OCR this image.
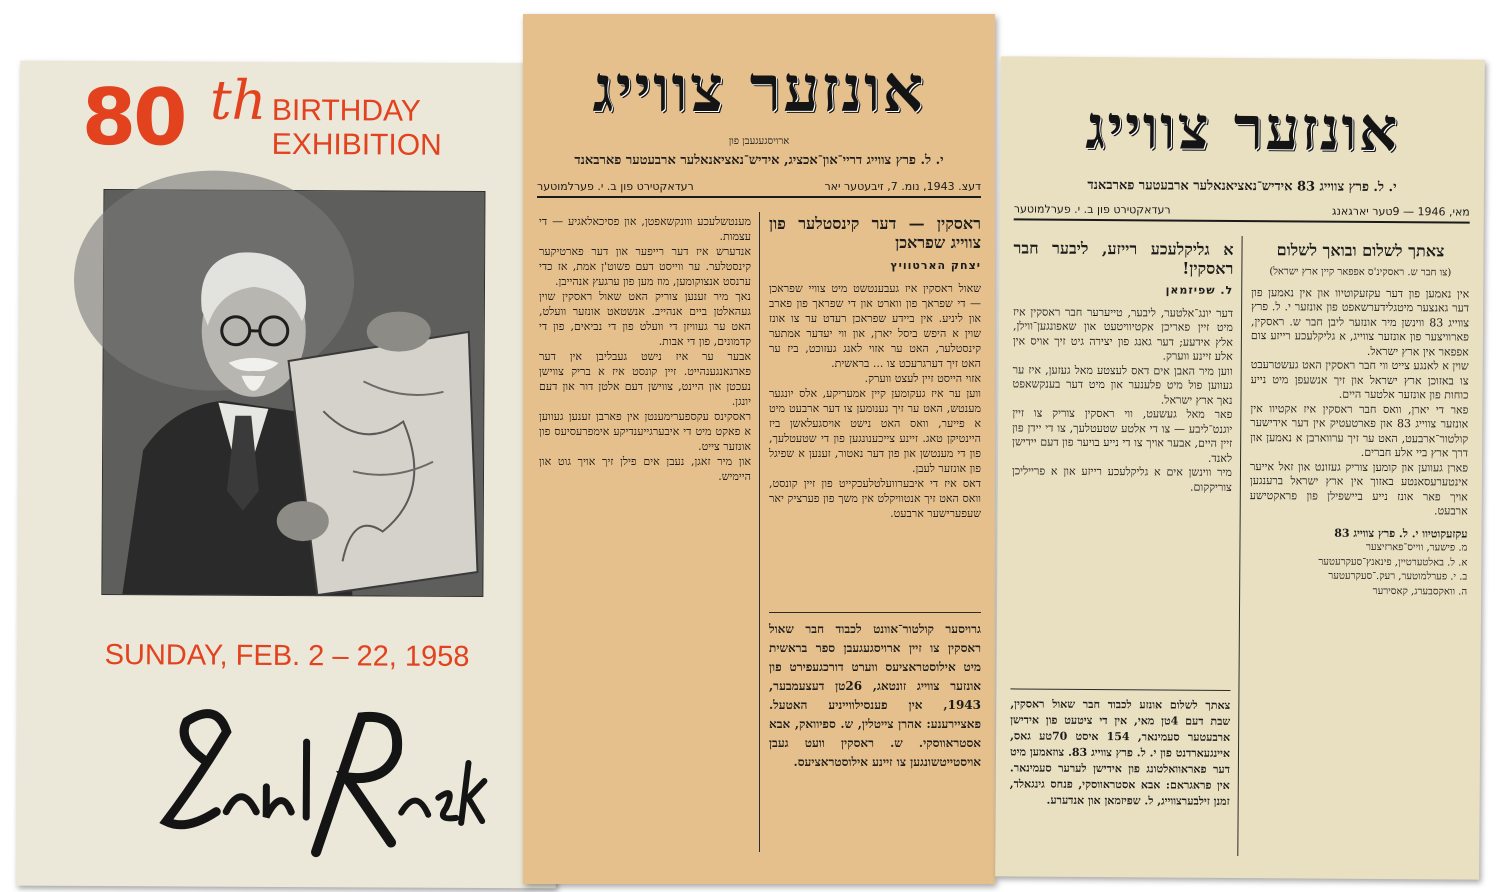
80 th BIRTHDAY
EXHIBITION
SUNDAY, FEB. 2 – 22, 1958
אונזער צווייג
ארויסגעגעבן פון
י. ל. פרץ צווייג דריי־און־אכציג, אידיש־נאציאנאלער ארבעטער פארבאנד
דעצ. 1943, נומ. 7, זיבעטער יאר
רעדאקטירט פון ב. י. פערלמוטער
ראסקין — דער קינסטלער פון צווייג שפראכן
יצחק הארטוויץ
שאול ראסקין איז געבענטשט מיט צוויי שפראכן — די שפראך פון ווארט און די שפראך פון פארב און ליניע. אין ביידע שפראכן רעדט ער צו אונז שוין א היפש ביסל יארן, און ווי יעדער אמתער קינסטלער, האט ער אזוי לאנג געזוכט, ביז ער האט זיך דערגרעכט צו ... בראשית.
אזוי הייסט זיין לעצט ווערק.
ווען ער איז געקומען קיין אמעריקע, אלס יונגער מענטש, האט ער זיך גענומען צו דער ארבעט מיט א פייער, וואס האט נישט אויסגעלאשן ביז היינטיקן טאג. זיינע צייכענונגען פון די שטעטלעך, פון די מענטשן און פון דער נאטור, זענען א שפיגל פון אונזער לעבן.
דאס איז די איבערוועלטלעכקייט פון זיין קונסט, וואס האט זיך אנטוויקלט אין משך פון פערציק יאר שעפערישער ארבעט.
גרויסער קולטור־אוונט לכבוד חבר שאול ראסקין צו זיין ארויסגעגעבן ספר בראשית מיט אילוסטראציעס ווערט דורכגעפירט פון אונזער צווייג זונטאג, 26טן דעצעמבער, 1943, אין פענסילווייניע האטעל. פאציירענע: אהרן צייטלין, ש. ספיוואק, אבא אסטראווסקי. ש. ראסקין וועט געבן אויסטייטשונגען צו זיינע אילוסטראציעס.
מענטשלעכע ווונקשאפטן, און פסיכאלאגיע — די עצמות.
אנדערש איז דער רייפער און דער פארטיקער קינסטלער. ער ווייסט דעם פשוט'ן אמת, אז כדי ערנסט אנצוקומען, מוז מען פון ערגעץ אנהייבן.
נאך מיר זענען צוריק האט שאול ראסקין שוין געהאלטן ביים אנהייב. אנשטאט אונזער וועלט, האט ער געוויזן די וועלט פון די נביאים, פון די קדמונים, פון די אבות.
אבער ער איז נישט געבליבן אין דער פארגאנגענהייט. זיין קונסט איז א בריק צווישן נעכטן און היינט, צווישן דעם אלטן דור און דעם יונגן.
ראסקינס עקספערימענטן אין פארבן זענען געווען א פאקט מיט די איבערגייענדיקע אימפרעסיעס פון אונזער צייט.
און מיר זאגן, נעבן אים פילן זיך אויך גוט און היימיש.
אונזער צווייג
י. ל. פרץ צווייג 83 אידיש־נאציאנאלער ארבעטער פארבאנד
מאי, 1946 — 9טער יארגאנג
רעדאקטירט פון ב. י. פערלמוטער
צאתך לשלום ובואך לשלום
(צו חבר ש. ראסקינ'ס אפפאר קיין ארץ ישראל)
אין נאמען פון דער עקזעקוטיוו און אין נאמען פון דער גאנצער מיטגלידערשאפט פון אונזער י. ל. פרץ צווייג 83 ווינשן מיר אונזער ליבן חבר ש. ראסקין, פארוויצער פון אונזער צווייג, א גליקלעכע רייזע צום אפפאר אין ארץ ישראל.
שוין א לאנגע צייט ווי חבר ראסקין האט געשטרעבט צו באזוכן ארץ ישראל און זיך אנשעפן מיט נייע כוחות פון אונזער אלטער היים.
פאר די יארן, וואס חבר ראסקין איז אקטיוו אין אונזער צווייג 83 און פארטעטיק אין דער אידישער קולטור־ארבעט, האט ער זיך ערווארבן א נאמען און דרך ארץ ביי אלע חברים.
פארן געווען און קומען צוריק געזונט און זאל אייער אינטערעסאנטע באזוך אין ארץ ישראל ברענגען אויך פאר אונז נייע ביישפילן פון פראקטישע ארבעט.
עקזעקוטיוו י. ל. פרץ צווייג 83
מ. פישער, ווייס־פארזיצער
א. ל. באלטערטיין, פינאנץ־סעקרעטער
ב. י. פערלמוטער, רעק.־סעקרעטער
ה. וואקסבערג, קאסירער
א גליקלעכע רייזע, ליבער חבר ראסקין!
ל. שפיזמאן
דער יונג־אלטער, ליבער, טייערער חבר ראסקין איז מיט זיין פאריכן אקטיוויטעט און שאפונגען־ווילן, אלץ אידעע; דער גאנג פון יצירה גיט זיך אויס אין אלע זיינע ווערק.
ווען מיר האבן אים דאס לעצטע מאל געזען, איז ער געווען פול מיט פלענער און מיט דער בענקשאפט נאך ארץ ישראל.
פאר מאל געשעט, ווי ראסקין צוריק צו זיין יוגנט־ליבע — צו די אלטע שטעטלעך, צו די יידן פון זיין היים, אבער אויך צו די נייע בויער פון דעם יידישן לאנד.
מיר ווינשן אים א גליקלעכע רייזע און א פרייליכן צוריקקום.
צאתך לשלום אונזע לכבוד חבר שאול ראסקין, שבת דעם 4טן מאי, אין די ציטעט פון אידישן ארבעטער סעמינאר, 154 איסט 70טע גאס, איינגעארדנט פון י. ל. פרץ צווייג 83. צוזאמען מיט דער פאראוואלטונג פון אידישן לערער סעמינאר. אין פראגראם: אבא אסטראווסקי, פנחס גינגאלד, זמנן זילבערצווייג, ל. שפיזמאן און אנדערע.
